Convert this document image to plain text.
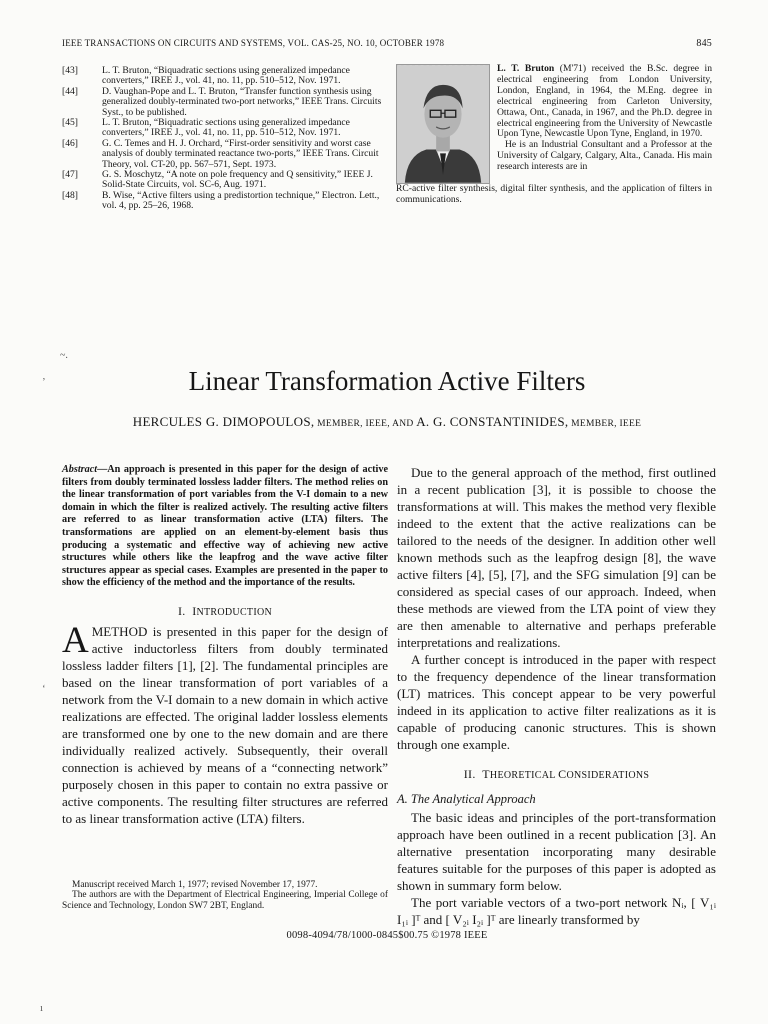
IEEE TRANSACTIONS ON CIRCUITS AND SYSTEMS, VOL. CAS-25, NO. 10, OCTOBER 1978	845
[43]	L. T. Bruton, “Biquadratic sections using generalized impedance converters,” IREE J., vol. 41, no. 11, pp. 510–512, Nov. 1971.
[44]	D. Vaughan-Pope and L. T. Bruton, “Transfer function synthesis using generalized doubly-terminated two-port networks,” IEEE Trans. Circuits Syst., to be published.
[45]	L. T. Bruton, “Biquadratic sections using generalized impedance converters,” IREE J., vol. 41, no. 11, pp. 510–512, Nov. 1971.
[46]	G. C. Temes and H. J. Orchard, “First-order sensitivity and worst case analysis of doubly terminated reactance two-ports,” IEEE Trans. Circuit Theory, vol. CT-20, pp. 567–571, Sept. 1973.
[47]	G. S. Moschytz, “A note on pole frequency and Q sensitivity,” IEEE J. Solid-State Circuits, vol. SC-6, Aug. 1971.
[48]	B. Wise, “Active filters using a predistortion technique,” Electron. Lett., vol. 4, pp. 25–26, 1968.

L. T. Bruton (M'71) received the B.Sc. degree in electrical engineering from London University, London, England, in 1964, the M.Eng. degree in electrical engineering from Carleton University, Ottawa, Ont., Canada, in 1967, and the Ph.D. degree in electrical engineering from the University of Newcastle Upon Tyne, Newcastle Upon Tyne, England, in 1970.

He is an Industrial Consultant and a Professor at the University of Calgary, Calgary, Alta., Canada. His main research interests are in

RC-active filter synthesis, digital filter synthesis, and the application of filters in communications.

~.
’
‘
ı
Linear Transformation Active Filters
HERCULES G. DIMOPOULOS, MEMBER, IEEE, AND A. G. CONSTANTINIDES, MEMBER, IEEE

Abstract—An approach is presented in this paper for the design of active filters from doubly terminated lossless ladder filters. The method relies on the linear transformation of port variables from the V-I domain to a new domain in which the filter is realized actively. The resulting active filters are referred to as linear transformation active (LTA) filters. The transformations are applied on an element-by-element basis thus producing a systematic and effective way of achieving new active structures while others like the leapfrog and the wave active filter structures appear as special cases. Examples are presented in the paper to show the efficiency of the method and the importance of the results.

I. INTRODUCTION

A METHOD is presented in this paper for the design of active inductorless filters from doubly terminated lossless ladder filters [1], [2]. The fundamental principles are based on the linear transformation of port variables of a network from the V-I domain to a new domain in which active realizations are effected. The original ladder lossless elements are transformed one by one to the new domain and are there individually realized actively. Subsequently, their overall connection is achieved by means of a “connecting network” purposely chosen in this paper to contain no extra passive or active components. The resulting filter structures are referred to as linear transformation active (LTA) filters.

Manuscript received March 1, 1977; revised November 17, 1977.

The authors are with the Department of Electrical Engineering, Imperial College of Science and Technology, London SW7 2BT, England.

Due to the general approach of the method, first outlined in a recent publication [3], it is possible to choose the transformations at will. This makes the method very flexible indeed to the extent that the active realizations can be tailored to the needs of the designer. In addition other well known methods such as the leapfrog design [8], the wave active filters [4], [5], [7], and the SFG simulation [9] can be considered as special cases of our approach. Indeed, when these methods are viewed from the LTA point of view they are then amenable to alternative and perhaps preferable interpretations and realizations.

A further concept is introduced in the paper with respect to the frequency dependence of the linear transformation (LT) matrices. This concept appear to be very powerful indeed in its application to active filter realizations as it is capable of producing canonic structures. This is shown through one example.

II. THEORETICAL CONSIDERATIONS
A. The Analytical Approach

The basic ideas and principles of the port-transformation approach have been outlined in a recent publication [3]. An alternative presentation incorporating many desirable features suitable for the purposes of this paper is adopted as shown in summary form below.

The port variable vectors of a two-port network Nᵢ, [ V₁ᵢ I₁ᵢ ]ᵀ and [ V₂ᵢ I₂ᵢ ]ᵀ are linearly transformed by

0098-4094/78/1000-0845$00.75 ©1978 IEEE
